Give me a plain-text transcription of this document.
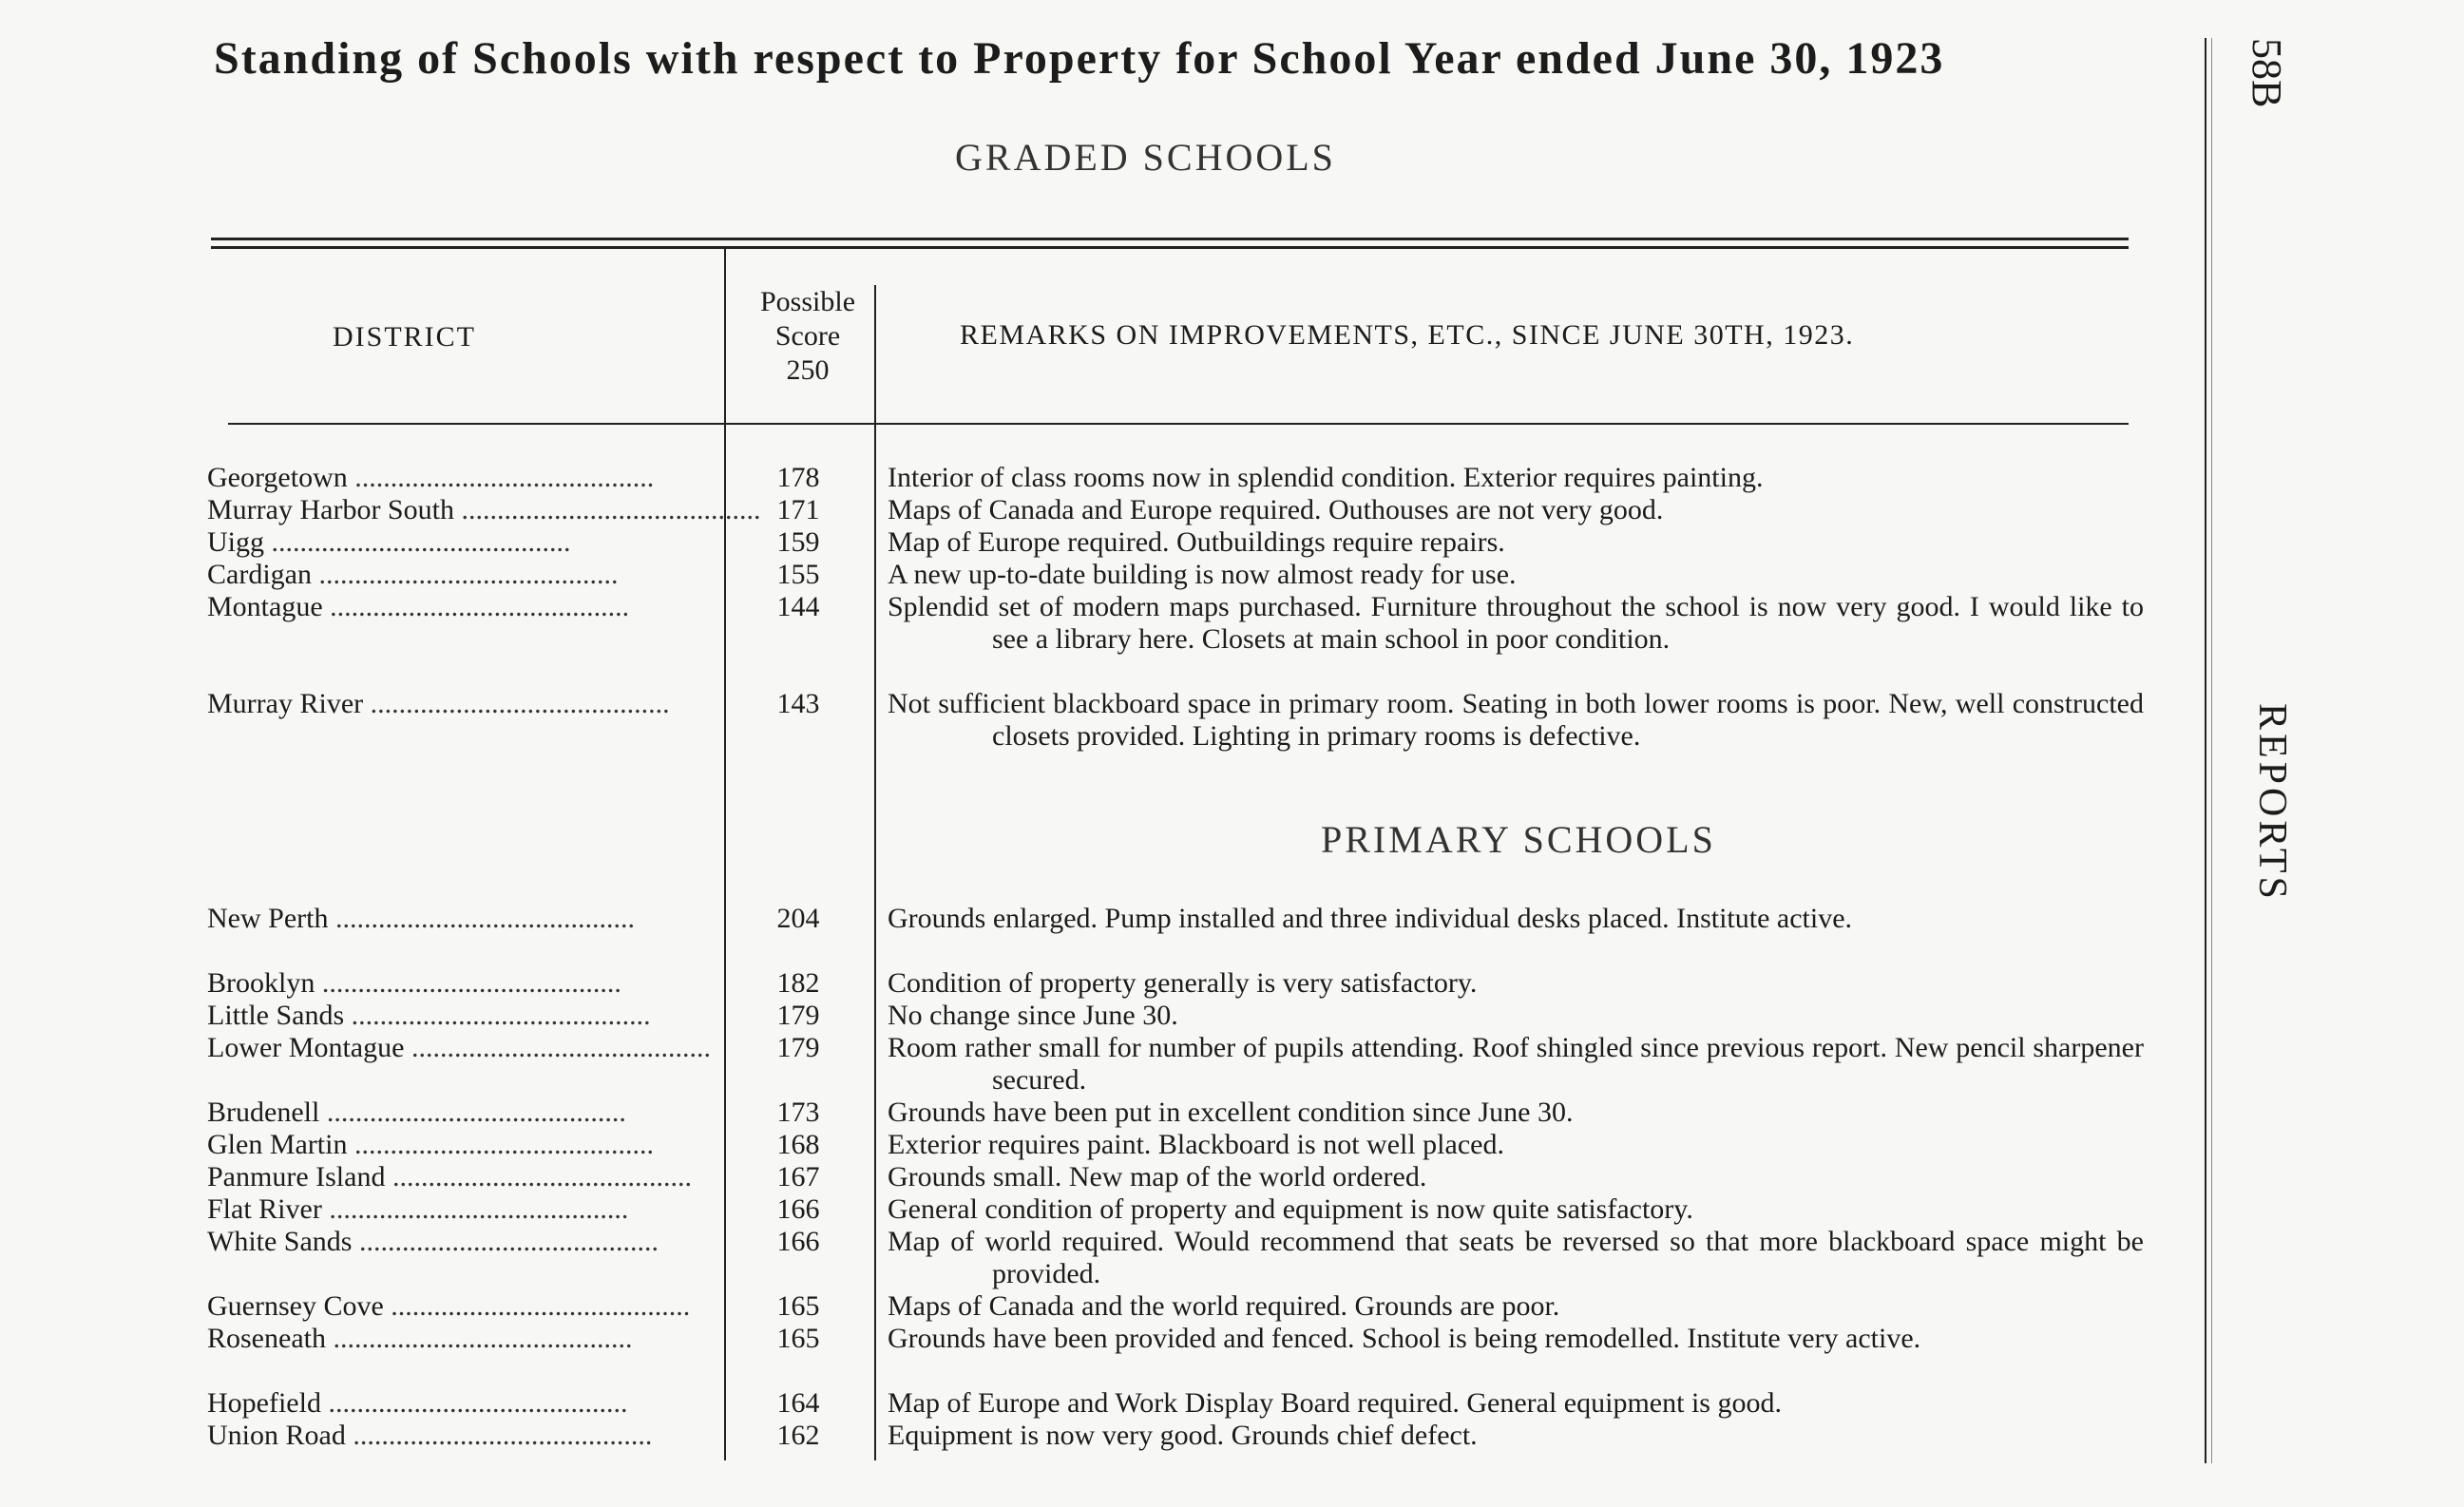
Standing of Schools with respect to Property for School Year ended June 30, 1923
GRADED SCHOOLS
58B
REPORTS
DISTRICT
Possible
Score
250
REMARKS ON IMPROVEMENTS, ETC., SINCE JUNE 30TH, 1923.
Georgetown ..........................................	178	Interior of class rooms now in splendid condition. Exterior requires painting.
Murray Harbor South .......................................... 171	Maps of Canada and Europe required. Outhouses are not very good.
Uigg ..........................................	159	Map of Europe required. Outbuildings require repairs.
Cardigan ..........................................	155	A new up-to-date building is now almost ready for use.
Montague ..........................................	144	Splendid set of modern maps purchased. Furniture throughout the school is now very good. I would like to see a library here. Closets at main school in poor condition.
Murray River ..........................................	143	Not sufficient blackboard space in primary room. Seating in both lower rooms is poor. New, well constructed closets provided. Lighting in primary rooms is defective.
PRIMARY SCHOOLS
New Perth ..........................................	204	Grounds enlarged. Pump installed and three individual desks placed. Institute active.
Brooklyn ..........................................	182	Condition of property generally is very satisfactory.
Little Sands ..........................................	179	No change since June 30.
Lower Montague ..........................................	179	Room rather small for number of pupils attending. Roof shingled since previous report. New pencil sharpener secured.
Brudenell ..........................................	173	Grounds have been put in excellent condition since June 30.
Glen Martin ..........................................	168	Exterior requires paint. Blackboard is not well placed.
Panmure Island ..........................................	167	Grounds small. New map of the world ordered.
Flat River ..........................................	166	General condition of property and equipment is now quite satisfactory.
White Sands ..........................................	166	Map of world required. Would recommend that seats be reversed so that more blackboard space might be provided.
Guernsey Cove ..........................................	165	Maps of Canada and the world required. Grounds are poor.
Roseneath ..........................................	165	Grounds have been provided and fenced. School is being remodelled. Institute very active.
Hopefield ..........................................	164	Map of Europe and Work Display Board required. General equipment is good.
Union Road ..........................................	162	Equipment is now very good. Grounds chief defect.
